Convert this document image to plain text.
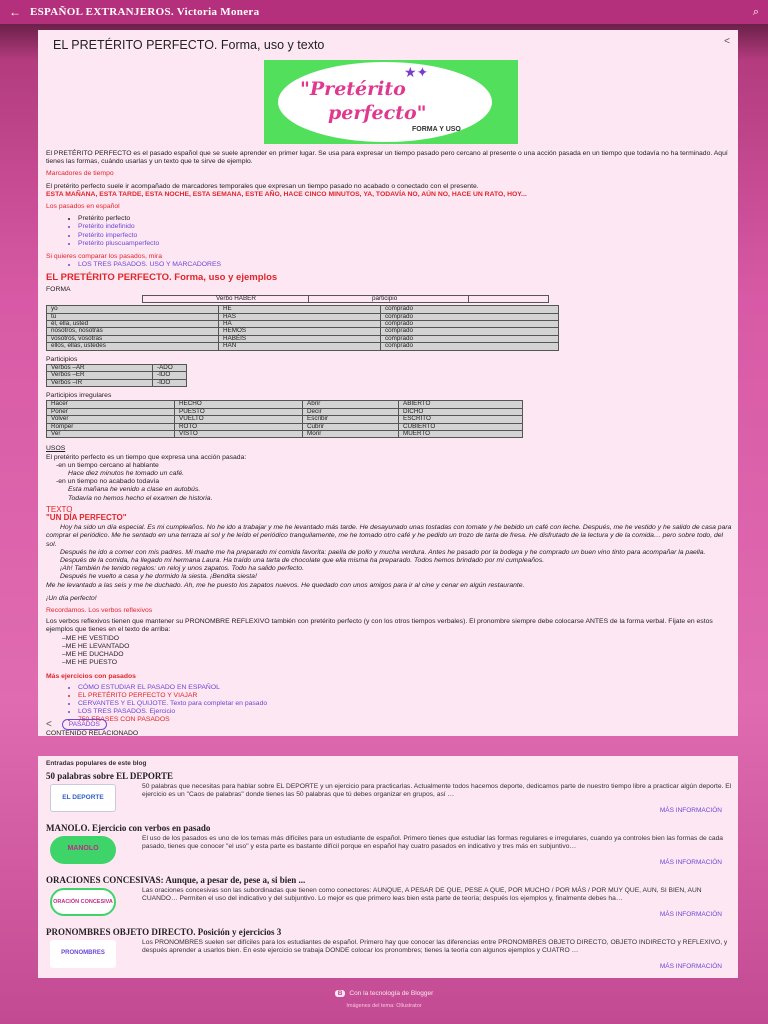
← ESPAÑOL EXTRANJEROS. Victoria Monera	⌕
EL PRETÉRITO PERFECTO. Forma, uso y texto	<
★✦
"Pretérito
perfecto"
FORMA Y USO
El PRETÉRITO PERFECTO es el pasado español que se suele aprender en primer lugar. Se usa para expresar un tiempo pasado pero cercano al presente o una acción pasada en un tiempo que todavía no ha terminado. Aquí tienes las formas, cuándo usarlas y un texto que te sirve de ejemplo.
Marcadores de tiempo
El pretérito perfecto suele ir acompañado de marcadores temporales que expresan un tiempo pasado no acabado o conectado con el presente.
ESTA MAÑANA, ESTA TARDE, ESTA NOCHE, ESTA SEMANA, ESTE AÑO, HACE CINCO MINUTOS, YA, TODAVÍA NO, AÚN NO, HACE UN RATO, HOY...
Los pasados en español
• Pretérito perfecto
• Pretérito indefinido
• Pretérito imperfecto
• Pretérito pluscuamperfecto
Si quieres comparar los pasados, mira
• LOS TRES PASADOS. USO Y MARCADORES
EL PRETÉRITO PERFECTO. Forma, uso y ejemplos
FORMA
		Verbo HABER		participio	
yo	HE	comprado
tú	HAS	comprado
él, ella, usted	HA	comprado
nosotros, nosotras	HEMOS	comprado
vosotros, vosotras	HABÉIS	comprado
ellos, ellas, ustedes	HAN	comprado
Participios
Verbos –AR	-ADO
Verbos –ER	-IDO
Verbos –IR	-IDO
Participios irregulares
Hacer	HECHO	Abrir	ABIERTO
Poner	PUESTO	Decir	DICHO
Volver	VUELTO	Escribir	ESCRITO
Romper	ROTO	Cubrir	CUBIERTO
Ver	VISTO	Morir	MUERTO
USOS
El pretérito perfecto es un tiempo que expresa una acción pasada:
-en un tiempo cercano al hablante
Hace diez minutos he tomado un café.
-en un tiempo no acabado todavía
Esta mañana he venido a clase en autobús.
Todavía no hemos hecho el examen de historia.
TEXTO
"UN DÍA PERFECTO"
Hoy ha sido un día especial. Es mi cumpleaños. No he ido a trabajar y me he levantado más tarde. He desayunado unas tostadas con tomate y he bebido un café con leche. Después, me he vestido y he salido de casa para comprar el periódico. Me he sentado en una terraza al sol y he leído el periódico tranquilamente, me he tomado otro café y he pedido un trozo de tarta de fresa. He disfrutado de la lectura y de la comida… pero sobre todo, del sol.
Después he ido a comer con mis padres. Mi madre me ha preparado mi comida favorita: paella de pollo y mucha verdura. Antes he pasado por la bodega y he comprado un buen vino tinto para acompañar la paella.
Después de la comida, ha llegado mi hermana Laura. Ha traído una tarta de chocolate que ella misma ha preparado. Todos hemos brindado por mi cumpleaños.
¡Ah! También he tenido regalos: un reloj y unos zapatos. Todo ha salido perfecto.
Después he vuelto a casa y he dormido la siesta. ¡Bendita siesta!
Me he levantado a las seis y me he duchado. Ah, me he puesto los zapatos nuevos. He quedado con unos amigos para ir al cine y cenar en algún restaurante.
¡Un día perfecto!
Recordamos. Los verbos reflexivos
Los verbos reflexivos tienen que mantener su PRONOMBRE REFLEXIVO también con pretérito perfecto (y con los otros tiempos verbales). El pronombre siempre debe colocarse ANTES de la forma verbal. Fíjate en estos ejemplos que tienes en el texto de arriba:
–ME HE VESTIDO
–ME HE LEVANTADO
–ME HE DUCHADO
–ME HE PUESTO
Más ejercicios con pasados
• CÓMO ESTUDIAR EL PASADO EN ESPAÑOL
• EL PRETÉRITO PERFECTO Y VIAJAR
• CERVANTES Y EL QUIJOTE. Texto para completar en pasado
• LOS TRES PASADOS. Ejercicio
• 750 FRASES CON PASADOS
CONTENIDO RELACIONADO
<	PASADOS
Entradas populares de este blog
50 palabras sobre EL DEPORTE
EL DEPORTE
50 palabras que necesitas para hablar sobre EL DEPORTE y un ejercicio para practicarlas. Actualmente todos hacemos deporte, dedicamos parte de nuestro tiempo libre a practicar algún deporte. El ejercicio es un "Caos de palabras" donde tienes las 50 palabras que tú debes organizar en grupos, así …
MÁS INFORMACIÓN
MANOLO. Ejercicio con verbos en pasado
MANOLO
El uso de los pasados es uno de los temas más difíciles para un estudiante de español. Primero tienes que estudiar las formas regulares e irregulares, cuando ya controles bien las formas de cada pasado, tienes que conocer "el uso" y esta parte es bastante difícil porque en español hay cuatro pasados en indicativo y tres más en subjuntivo…
MÁS INFORMACIÓN
ORACIONES CONCESIVAS: Aunque, a pesar de, pese a, si bien ...
ORACIÓN CONCESIVA
Las oraciones concesivas son las subordinadas que tienen como conectores: AUNQUE, A PESAR DE QUE, PESE A QUE, POR MUCHO / POR MÁS / POR MUY QUE, AUN, SI BIEN, AUN CUANDO… Permiten el uso del indicativo y del subjuntivo. Lo mejor es que primero leas bien esta parte de teoría; después los ejemplos y, finalmente debes ha…
MÁS INFORMACIÓN
PRONOMBRES OBJETO DIRECTO. Posición y ejercicios 3
PRONOMBRES
Los PRONOMBRES suelen ser difíciles para los estudiantes de español. Primero hay que conocer las diferencias entre PRONOMBRES OBJETO DIRECTO, OBJETO INDIRECTO y REFLEXIVO, y después aprender a usarlos bien. En este ejercicio se trabaja DONDE colocar los pronombres; tienes la teoría con algunos ejemplos y CUATRO …
MÁS INFORMACIÓN
B Con la tecnología de Blogger
Imágenes del tema: Ollustrator
